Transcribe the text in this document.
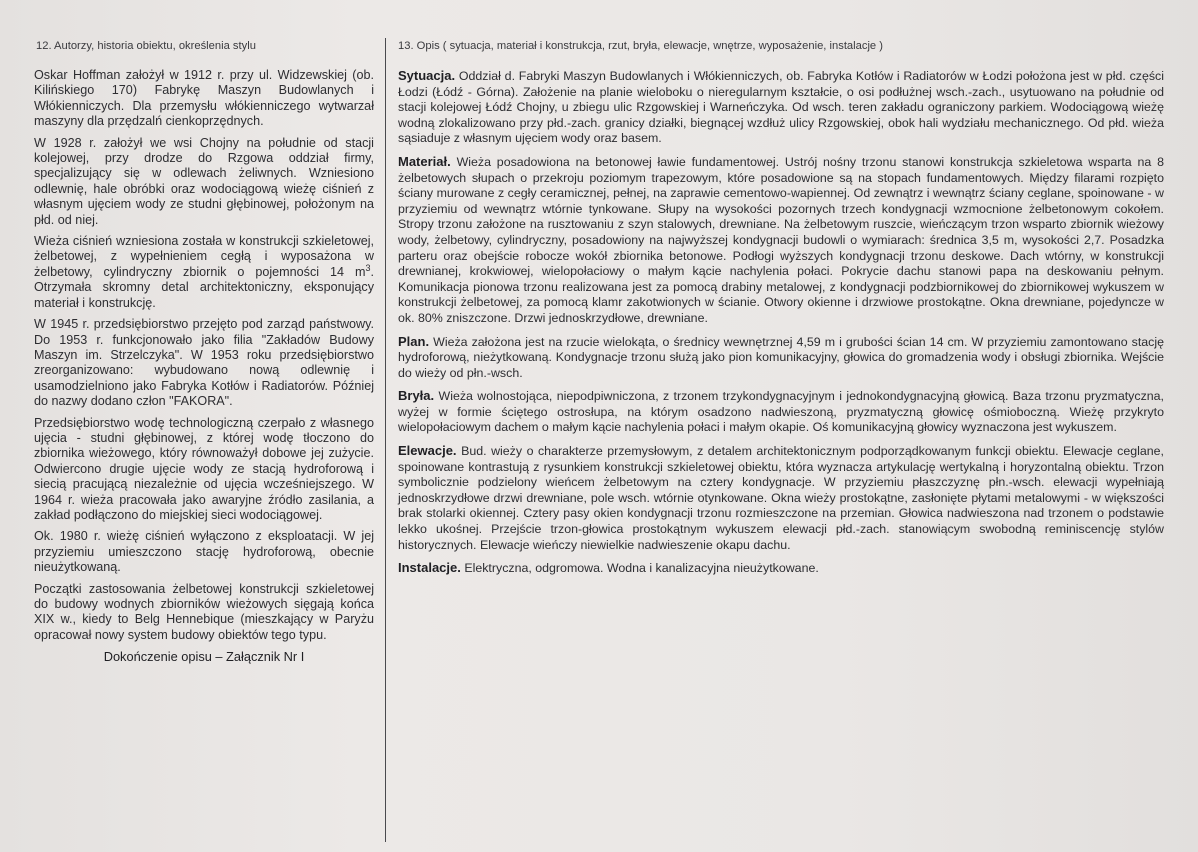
12. Autorzy, historia obiektu, określenia stylu

Oskar Hoffman założył w 1912 r. przy ul. Widzewskiej (ob. Kilińskiego 170) Fabrykę Maszyn Budowlanych i Włókienniczych. Dla przemysłu włókienniczego wytwarzał maszyny dla przędzalń cienkoprzędnych.

W 1928 r. założył we wsi Chojny na południe od stacji kolejowej, przy drodze do Rzgowa oddział firmy, specjalizujący się w odlewach żeliwnych. Wzniesiono odlewnię, hale obróbki oraz wodociągową wieżę ciśnień z własnym ujęciem wody ze studni głębinowej, położonym na płd. od niej.

Wieża ciśnień wzniesiona została w konstrukcji szkieletowej, żelbetowej, z wypełnieniem cegłą i wyposażona w żelbetowy, cylindryczny zbiornik o pojemności 14 $m^3$. Otrzymała skromny detal architektoniczny, eksponujący materiał i konstrukcję.

W 1945 r. przedsiębiorstwo przejęto pod zarząd państwowy. Do 1953 r. funkcjonowało jako filia "Zakładów Budowy Maszyn im. Strzelczyka". W 1953 roku przedsiębiorstwo zreorganizowano: wybudowano nową odlewnię i usamodzielniono jako Fabryka Kotłów i Radiatorów. Później do nazwy dodano człon "FAKORA".

Przedsiębiorstwo wodę technologiczną czerpało z własnego ujęcia - studni głębinowej, z której wodę tłoczono do zbiornika wieżowego, który równoważył dobowe jej zużycie. Odwiercono drugie ujęcie wody ze stacją hydroforową i siecią pracującą niezależnie od ujęcia wcześniejszego. W 1964 r. wieża pracowała jako awaryjne źródło zasilania, a zakład podłączono do miejskiej sieci wodociągowej.

Ok. 1980 r. wieżę ciśnień wyłączono z eksploatacji. W jej przyziemiu umieszczono stację hydroforową, obecnie nieużytkowaną.

Początki zastosowania żelbetowej konstrukcji szkieletowej do budowy wodnych zbiorników wieżowych sięgają końca XIX w., kiedy to Belg Hennebique (mieszkający w Paryżu opracował nowy system budowy obiektów tego typu.

Dokończenie opisu – Załącznik Nr I
13. Opis ( sytuacja, materiał i konstrukcja, rzut, bryła, elewacje, wnętrze, wyposażenie, instalacje )

Sytuacja. Oddział d. Fabryki Maszyn Budowlanych i Włókienniczych, ob. Fabryka Kotłów i Radiatorów w Łodzi położona jest w płd. części Łodzi (Łódź - Górna). Założenie na planie wieloboku o nieregularnym kształcie, o osi podłużnej wsch.-zach., usytuowano na południe od stacji kolejowej Łódź Chojny, u zbiegu ulic Rzgowskiej i Warneńczyka. Od wsch. teren zakładu ograniczony parkiem. Wodociągową wieżę wodną zlokalizowano przy płd.-zach. granicy działki, biegnącej wzdłuż ulicy Rzgowskiej, obok hali wydziału mechanicznego. Od płd. wieża sąsiaduje z własnym ujęciem wody oraz basem.

Materiał. Wieża posadowiona na betonowej ławie fundamentowej. Ustrój nośny trzonu stanowi konstrukcja szkieletowa wsparta na 8 żelbetowych słupach o przekroju poziomym trapezowym, które posadowione są na stopach fundamentowych. Między filarami rozpięto ściany murowane z cegły ceramicznej, pełnej, na zaprawie cementowo-wapiennej. Od zewnątrz i wewnątrz ściany ceglane, spoinowane - w przyziemiu od wewnątrz wtórnie tynkowane. Słupy na wysokości pozornych trzech kondygnacji wzmocnione żelbetonowym cokołem. Stropy trzonu założone na rusztowaniu z szyn stalowych, drewniane. Na żelbetowym ruszcie, wieńczącym trzon wsparto zbiornik wieżowy wody, żelbetowy, cylindryczny, posadowiony na najwyższej kondygnacji budowli o wymiarach: średnica 3,5 m, wysokości 2,7. Posadzka parteru oraz obejście robocze wokół zbiornika betonowe. Podłogi wyższych kondygnacji trzonu deskowe. Dach wtórny, w konstrukcji drewnianej, krokwiowej, wielopołaciowy o małym kącie nachylenia połaci. Pokrycie dachu stanowi papa na deskowaniu pełnym. Komunikacja pionowa trzonu realizowana jest za pomocą drabiny metalowej, z kondygnacji podzbiornikowej do zbiornikowej wykuszem w konstrukcji żelbetowej, za pomocą klamr zakotwionych w ścianie. Otwory okienne i drzwiowe prostokątne. Okna drewniane, pojedyncze w ok. 80% zniszczone. Drzwi jednoskrzydłowe, drewniane.

Plan. Wieża założona jest na rzucie wielokąta, o średnicy wewnętrznej 4,59 m i grubości ścian 14 cm. W przyziemiu zamontowano stację hydroforową, nieżytkowaną. Kondygnacje trzonu służą jako pion komunikacyjny, głowica do gromadzenia wody i obsługi zbiornika. Wejście do wieży od płn.-wsch.

Bryła. Wieża wolnostojąca, niepodpiwniczona, z trzonem trzykondygnacyjnym i jednokondygnacyjną głowicą. Baza trzonu pryzmatyczna, wyżej w formie ściętego ostrosłupa, na którym osadzono nadwieszoną, pryzmatyczną głowicę ośmioboczną. Wieżę przykryto wielopołaciowym dachem o małym kącie nachylenia połaci i małym okapie. Oś komunikacyjną głowicy wyznaczona jest wykuszem.

Elewacje. Bud. wieży o charakterze przemysłowym, z detalem architektonicznym podporządkowanym funkcji obiektu. Elewacje ceglane, spoinowane kontrastują z rysunkiem konstrukcji szkieletowej obiektu, która wyznacza artykulację wertykalną i horyzontalną obiektu. Trzon symbolicznie podzielony wieńcem żelbetowym na cztery kondygnacje. W przyziemiu płaszczyznę płn.-wsch. elewacji wypełniają jednoskrzydłowe drzwi drewniane, pole wsch. wtórnie otynkowane. Okna wieży prostokątne, zasłonięte płytami metalowymi - w większości brak stolarki okiennej. Cztery pasy okien kondygnacji trzonu rozmieszczone na przemian. Głowica nadwieszona nad trzonem o podstawie lekko ukośnej. Przejście trzon-głowica prostokątnym wykuszem elewacji płd.-zach. stanowiącym swobodną reminiscencję stylów historycznych. Elewacje wieńczy niewielkie nadwieszenie okapu dachu.

Instalacje. Elektryczna, odgromowa. Wodna i kanalizacyjna nieużytkowane.
